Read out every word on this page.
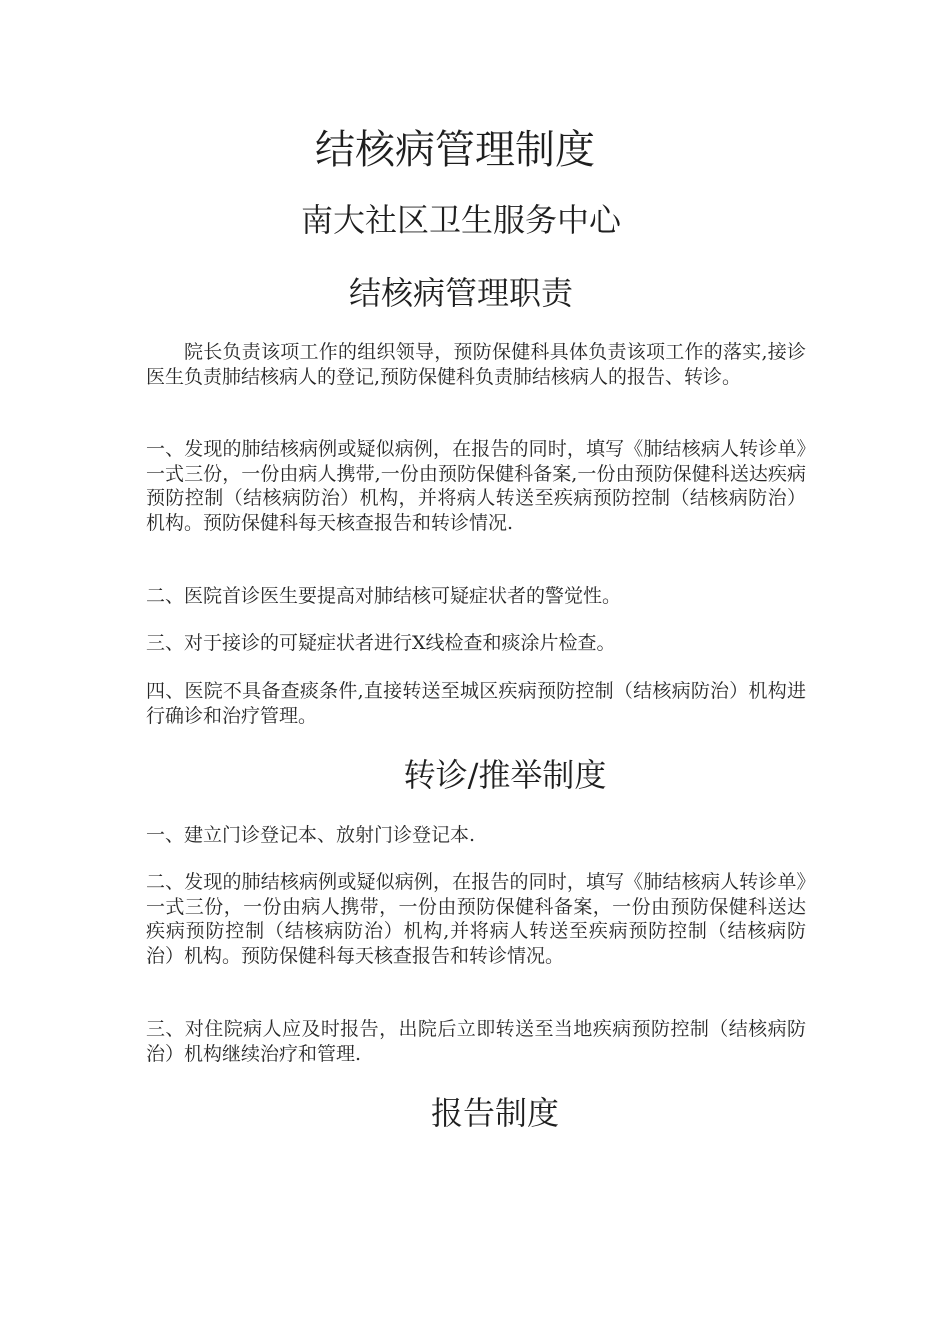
结核病管理制度
南大社区卫生服务中心
结核病管理职责

院长负责该项工作的组织领导，预防保健科具体负责该项工作的落实,接诊医生负责肺结核病人的登记,预防保健科负责肺结核病人的报告、转诊。

一、发现的肺结核病例或疑似病例，在报告的同时，填写《肺结核病人转诊单》一式三份，一份由病人携带,一份由预防保健科备案,一份由预防保健科送达疾病预防控制（结核病防治）机构，并将病人转送至疾病预防控制（结核病防治）机构。预防保健科每天核查报告和转诊情况.

二、医院首诊医生要提高对肺结核可疑症状者的警觉性。

三、对于接诊的可疑症状者进行X线检查和痰涂片检查。

四、医院不具备查痰条件,直接转送至城区疾病预防控制（结核病防治）机构进行确诊和治疗管理。

转诊/推举制度

一、建立门诊登记本、放射门诊登记本.

二、发现的肺结核病例或疑似病例，在报告的同时，填写《肺结核病人转诊单》一式三份，一份由病人携带，一份由预防保健科备案，一份由预防保健科送达疾病预防控制（结核病防治）机构,并将病人转送至疾病预防控制（结核病防治）机构。预防保健科每天核查报告和转诊情况。

三、对住院病人应及时报告，出院后立即转送至当地疾病预防控制（结核病防治）机构继续治疗和管理.

报告制度
